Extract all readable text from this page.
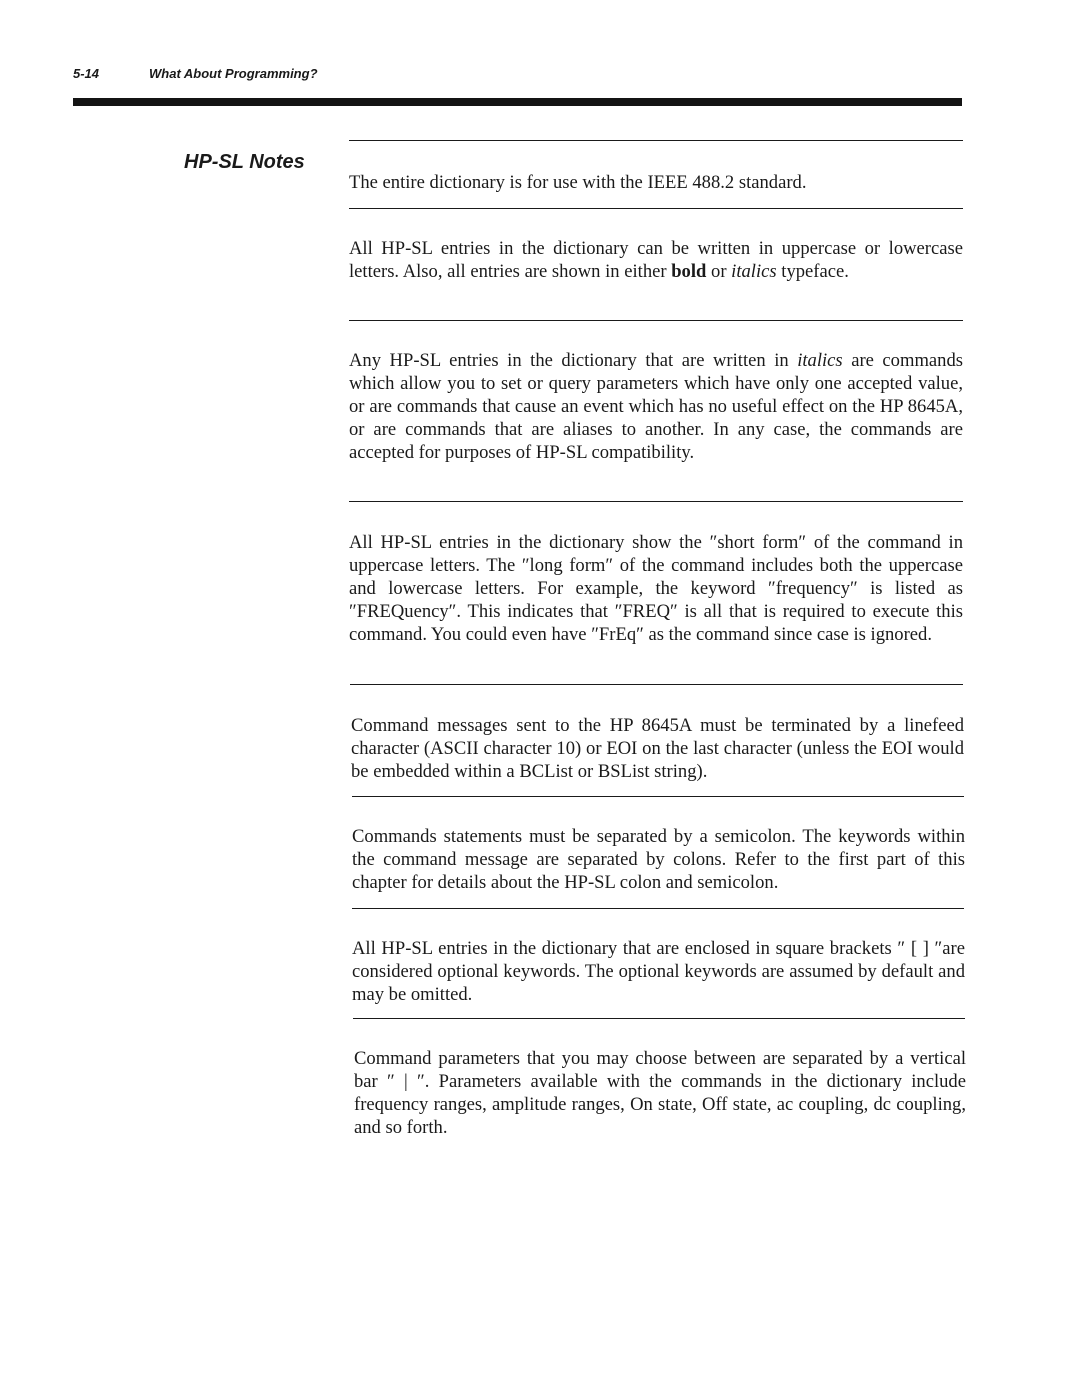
5-14	What About Programming?
HP-SL Notes

The entire dictionary is for use with the IEEE 488.2 standard.

All HP-SL entries in the dictionary can be written in uppercase or lowercase letters. Also, all entries are shown in either bold or italics typeface.

Any HP-SL entries in the dictionary that are written in italics are commands which allow you to set or query parameters which have only one accepted value, or are commands that cause an event which has no useful effect on the HP 8645A, or are commands that are aliases to another. In any case, the commands are accepted for purposes of HP-SL compatibility.

All HP-SL entries in the dictionary show the ″short form″ of the command in uppercase letters. The ″long form″ of the command includes both the uppercase and lowercase letters. For example, the keyword ″frequency″ is listed as ″FREQuency″. This indicates that ″FREQ″ is all that is required to execute this command. You could even have ″FrEq″ as the command since case is ignored.

Command messages sent to the HP 8645A must be terminated by a linefeed character (ASCII character 10) or EOI on the last character (unless the EOI would be embedded within a BCList or BSList string).

Commands statements must be separated by a semicolon. The keywords within the command message are separated by colons. Refer to the first part of this chapter for details about the HP-SL colon and semicolon.

All HP-SL entries in the dictionary that are enclosed in square brackets ″ [ ] ″are considered optional keywords. The optional keywords are assumed by default and may be omitted.

Command parameters that you may choose between are separated by a vertical bar ″ | ″. Parameters available with the commands in the dictionary include frequency ranges, amplitude ranges, On state, Off state, ac coupling, dc coupling, and so forth.
